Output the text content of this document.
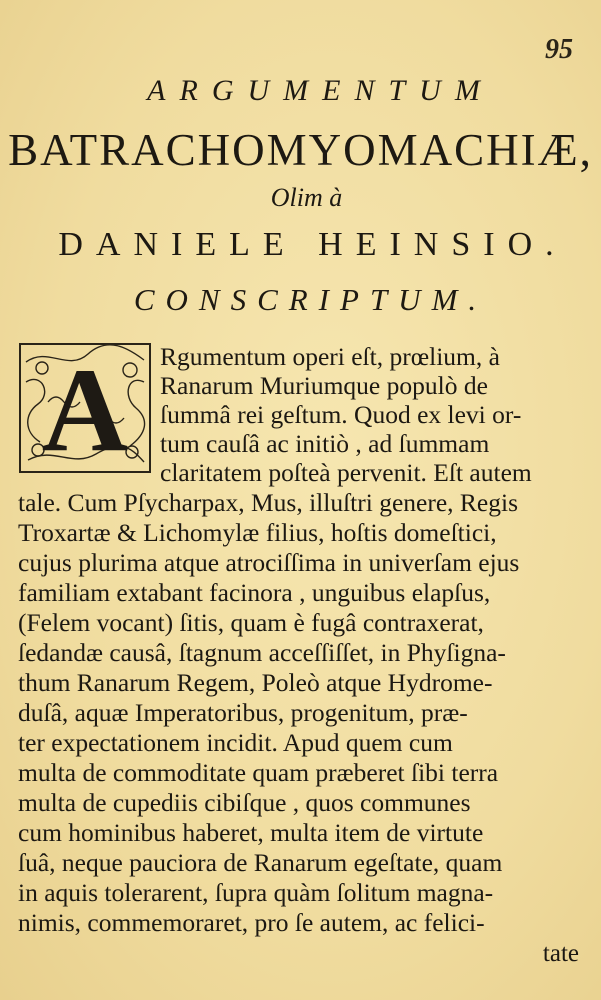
95
ARGUMENTUM
BATRACHOMYOMACHIÆ,
Olim à
DANIELE HEINSIO.
CONSCRIPTUM.
A Rgumentum operi eſt, prœlium, à
Ranarum Muriumque populò de
ſummâ rei geſtum. Quod ex levi or-
tum cauſâ ac initiò , ad ſummam
claritatem poſteà pervenit. Eſt autem
tale. Cum Pſycharpax, Mus, illuſtri genere, Regis
Troxartæ & Lichomylæ filius, hoſtis domeſtici,
cujus plurima atque atrociſſima in univerſam ejus
familiam extabant facinora , unguibus elapſus,
(Felem vocant) ſitis, quam è fugâ contraxerat,
ſedandæ causâ, ſtagnum acceſſiſſet, in Phyſigna-
thum Ranarum Regem, Poleò atque Hydrome-
duſâ, aquæ Imperatoribus, progenitum, præ-
ter expectationem incidit. Apud quem cum
multa de commoditate quam præberet ſibi terra
multa de cupediis cibiſque , quos communes
cum hominibus haberet, multa item de virtute
ſuâ, neque pauciora de Ranarum egeſtate, quam
in aquis tolerarent, ſupra quàm ſolitum magna-
nimis, commemoraret, pro ſe autem, ac felici-
tate
